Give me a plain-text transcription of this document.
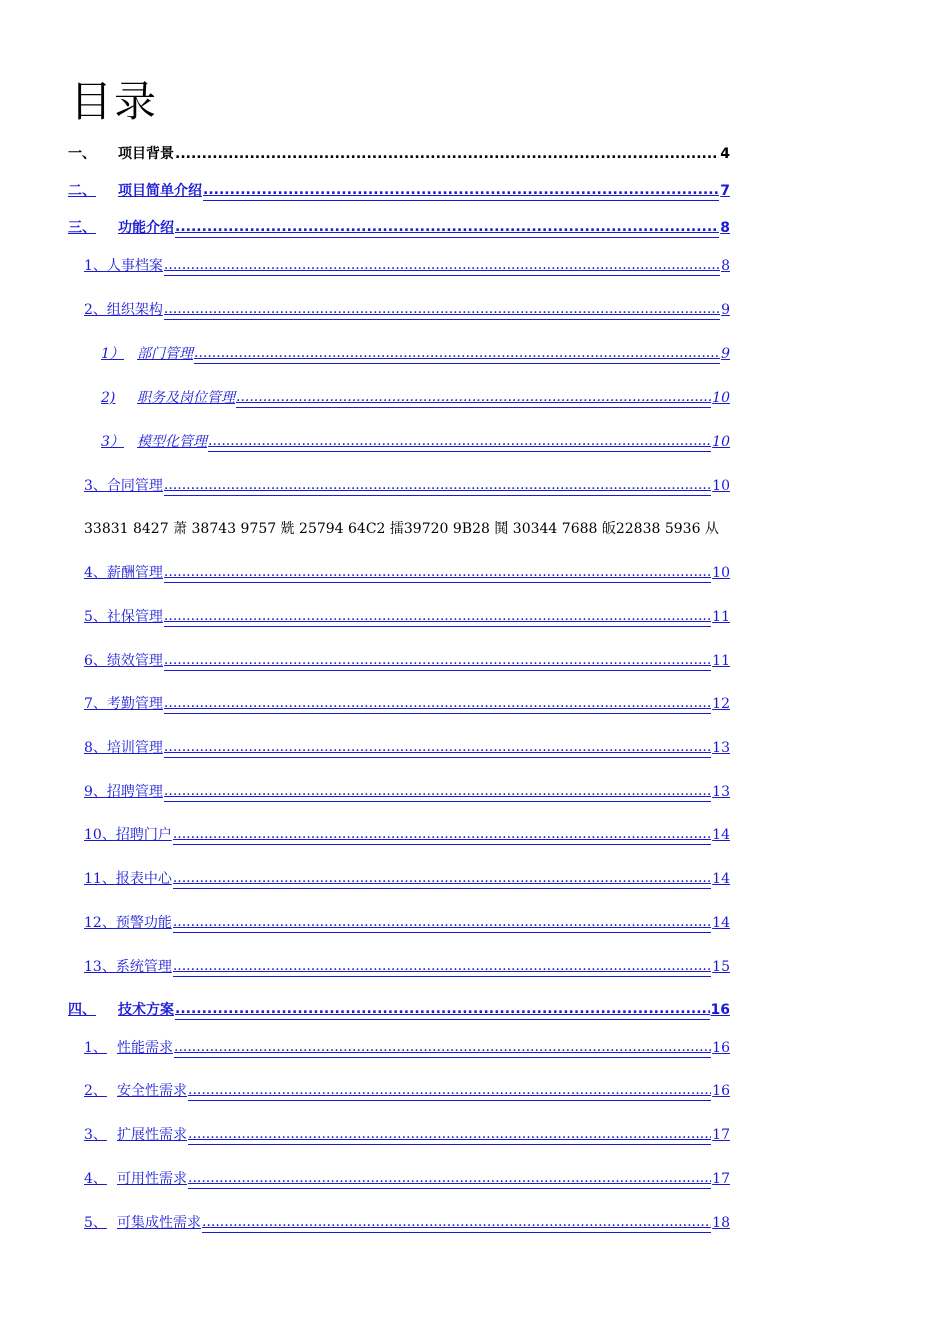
目录
一、	项目背景 .....	4
二、	项目简单介绍 .....	7
三、	功能介绍 .....	8
1、 人事档案 .....	8
2、 组织架构 .....	9
1） 部门管理 .....	9
2)	职务及岗位管理 .....	10
3） 模型化管理 .....	10
3、 合同管理 .....	10
33831 8427 萧 38743 9757 兟 25794 64C2 擂39720 9B28 鬨 30344 7688 皈22838 5936 从
4、 薪酬管理 .....	10
5、 社保管理 .....	11
6、 绩效管理 .....	11
7、 考勤管理 .....	12
8、 培训管理 .....	13
9、 招聘管理 .....	13
10、 招聘门户 .....	14
11、 报表中心 .....	14
12、 预警功能 .....	14
13、 系统管理 .....	15
四、	技术方案 .....	16
1、 性能需求 .....	16
2、 安全性需求 .....	16
3、 扩展性需求 .....	17
4、 可用性需求 .....	17
5、 可集成性需求 .....	18
